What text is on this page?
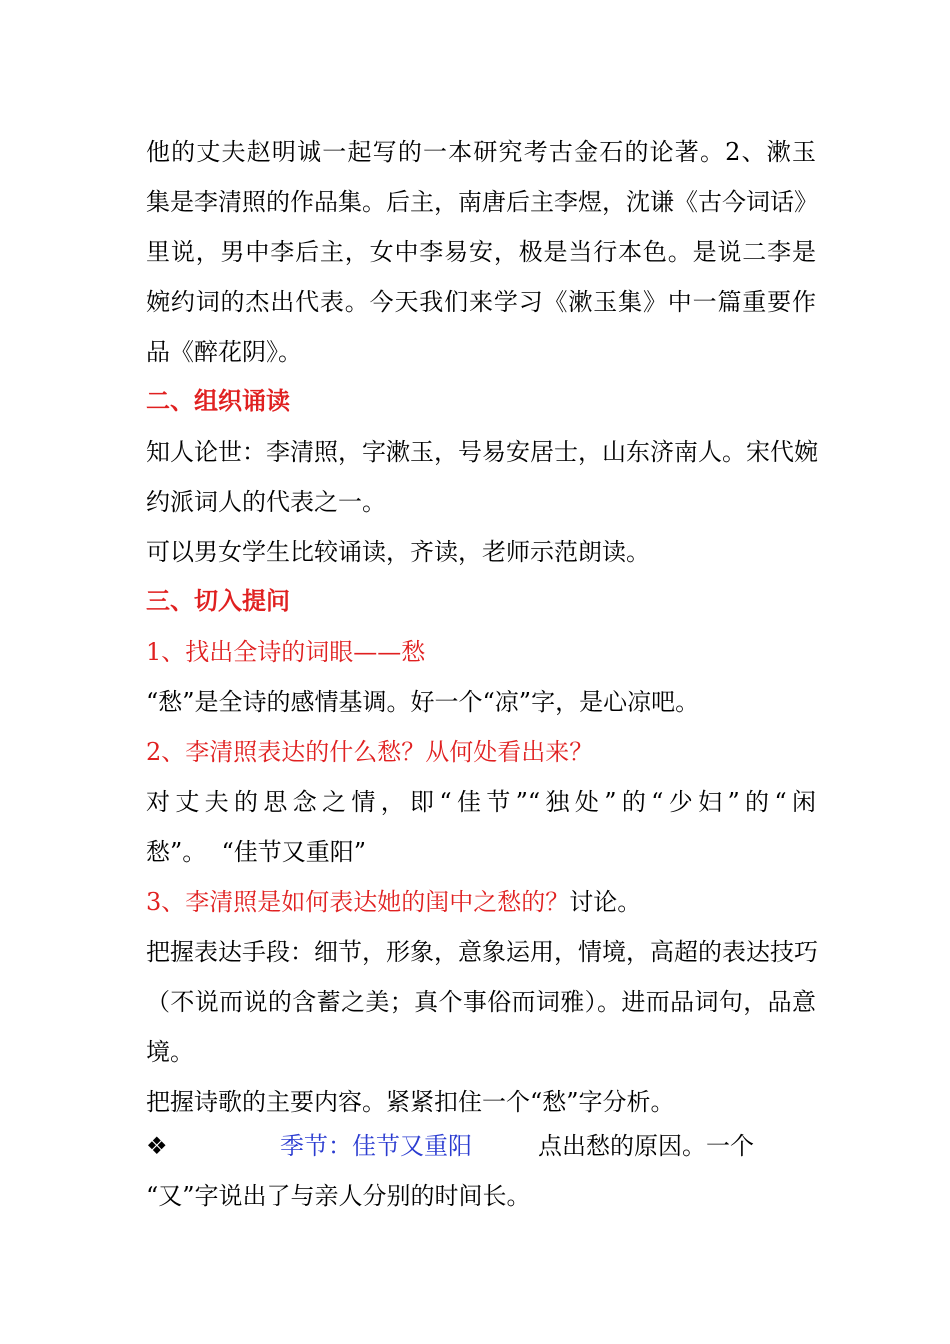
他的丈夫赵明诚一起写的一本研究考古金石的论著。2、漱玉
集是李清照的作品集。后主，南唐后主李煜，沈谦《古今词话》
里说，男中李后主，女中李易安，极是当行本色。是说二李是
婉约词的杰出代表。今天我们来学习《漱玉集》中一篇重要作
品《醉花阴》。
二、组织诵读
知人论世：李清照，字漱玉，号易安居士，山东济南人。宋代婉
约派词人的代表之一。
可以男女学生比较诵读，齐读，老师示范朗读。
三、切入提问
1、找出全诗的词眼——愁
“愁”是全诗的感情基调。好一个“凉”字，是心凉吧。
2、李清照表达的什么愁？从何处看出来？
对丈夫的思念之情，即“佳节”“独处”的“少妇”的“闲
愁”。  “佳节又重阳”
3、李清照是如何表达她的闺中之愁的？讨论。
把握表达手段：细节，形象，意象运用，情境，高超的表达技巧
（不说而说的含蓄之美；真个事俗而词雅）。进而品词句，品意
境。
把握诗歌的主要内容。紧紧扣住一个“愁”字分析。
❖	季节：佳节又重阳	点出愁的原因。一个
“又”字说出了与亲人分别的时间长。
